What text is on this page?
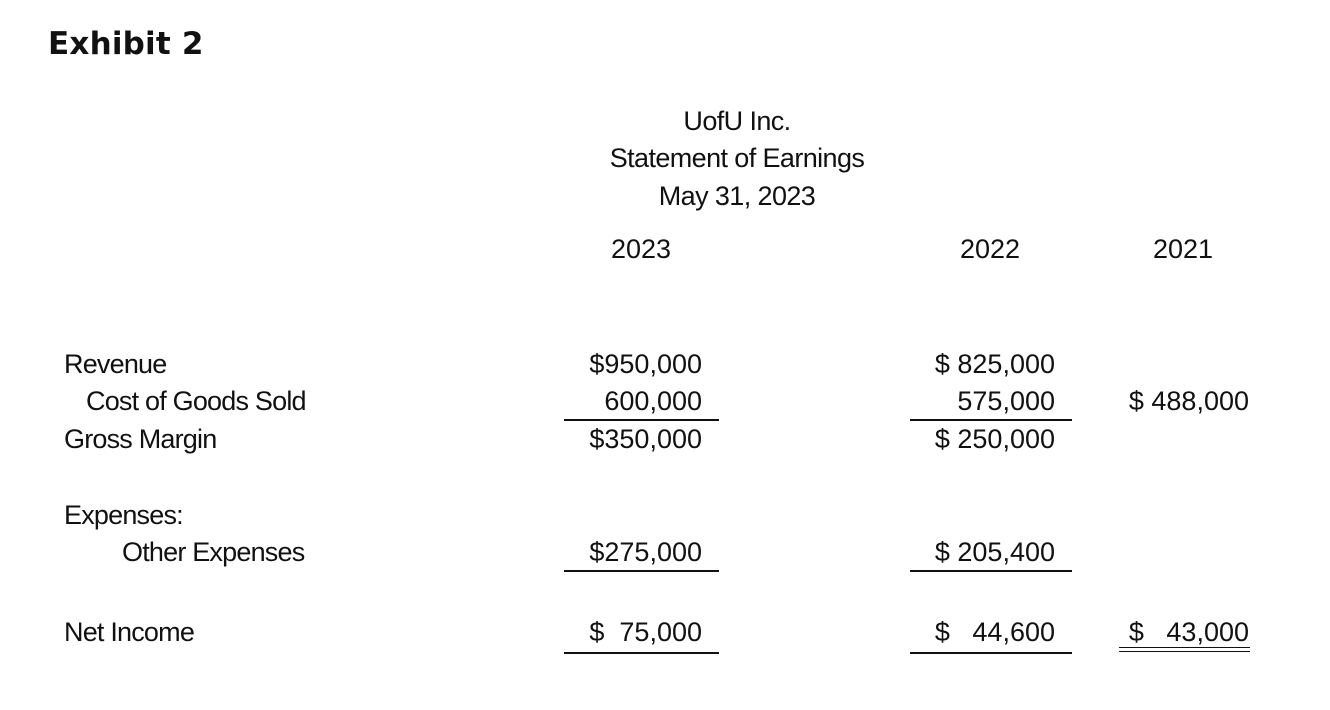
Exhibit 2
UofU Inc.
Statement of Earnings
May 31, 2023
2023	2022	2021
Revenue	$950,000	$ 825,000
Cost of Goods Sold	600,000	575,000	$ 488,000
Gross Margin	$350,000	$ 250,000
Expenses:
Other Expenses	$275,000	$ 205,400
Net Income	$  75,000	$   44,600	$   43,000
